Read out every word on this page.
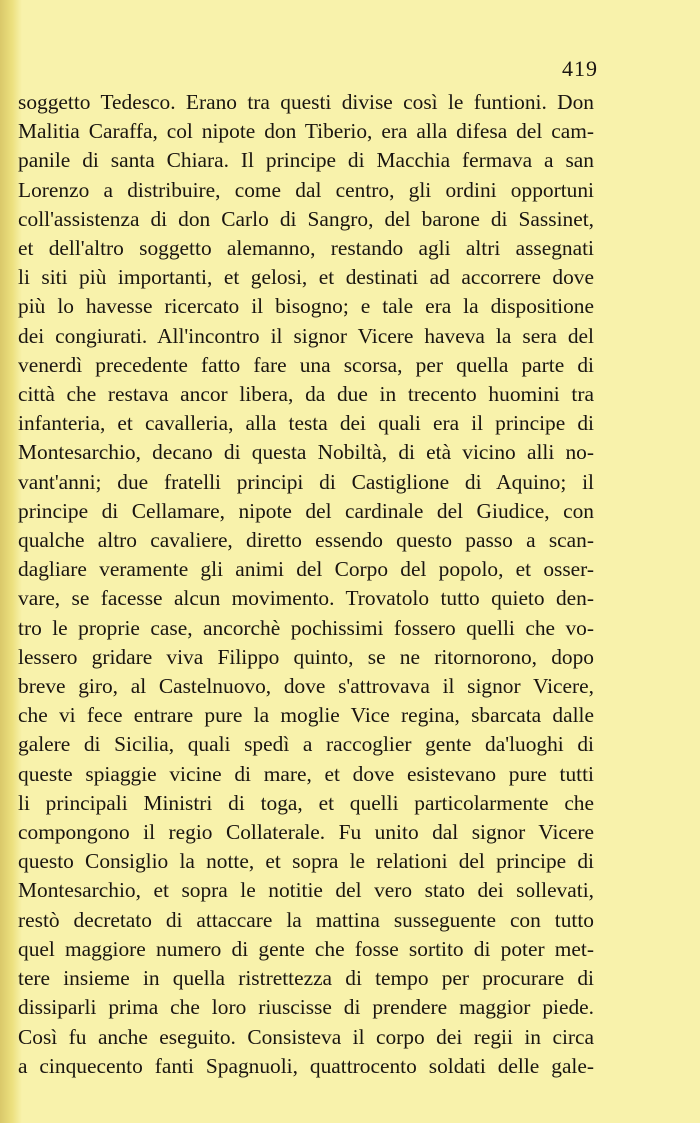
419
soggetto Tedesco. Erano tra questi divise così le funtioni. Don
Malitia Caraffa, col nipote don Tiberio, era alla difesa del cam-
panile di santa Chiara. Il principe di Macchia fermava a san
Lorenzo a distribuire, come dal centro, gli ordini opportuni
coll'assistenza di don Carlo di Sangro, del barone di Sassinet,
et dell'altro soggetto alemanno, restando agli altri assegnati
li siti più importanti, et gelosi, et destinati ad accorrere dove
più lo havesse ricercato il bisogno; e tale era la dispositione
dei congiurati. All'incontro il signor Vicere haveva la sera del
venerdì precedente fatto fare una scorsa, per quella parte di
città che restava ancor libera, da due in trecento huomini tra
infanteria, et cavalleria, alla testa dei quali era il principe di
Montesarchio, decano di questa Nobiltà, di età vicino alli no-
vant'anni; due fratelli principi di Castiglione di Aquino; il
principe di Cellamare, nipote del cardinale del Giudice, con
qualche altro cavaliere, diretto essendo questo passo a scan-
dagliare veramente gli animi del Corpo del popolo, et osser-
vare, se facesse alcun movimento. Trovatolo tutto quieto den-
tro le proprie case, ancorchè pochissimi fossero quelli che vo-
lessero gridare viva Filippo quinto, se ne ritornorono, dopo
breve giro, al Castelnuovo, dove s'attrovava il signor Vicere,
che vi fece entrare pure la moglie Vice regina, sbarcata dalle
galere di Sicilia, quali spedì a raccoglier gente da'luoghi di
queste spiaggie vicine di mare, et dove esistevano pure tutti
li principali Ministri di toga, et quelli particolarmente che
compongono il regio Collaterale. Fu unito dal signor Vicere
questo Consiglio la notte, et sopra le relationi del principe di
Montesarchio, et sopra le notitie del vero stato dei sollevati,
restò decretato di attaccare la mattina susseguente con tutto
quel maggiore numero di gente che fosse sortito di poter met-
tere insieme in quella ristrettezza di tempo per procurare di
dissiparli prima che loro riuscisse di prendere maggior piede.
Così fu anche eseguito. Consisteva il corpo dei regii in circa
a cinquecento fanti Spagnuoli, quattrocento soldati delle gale-
